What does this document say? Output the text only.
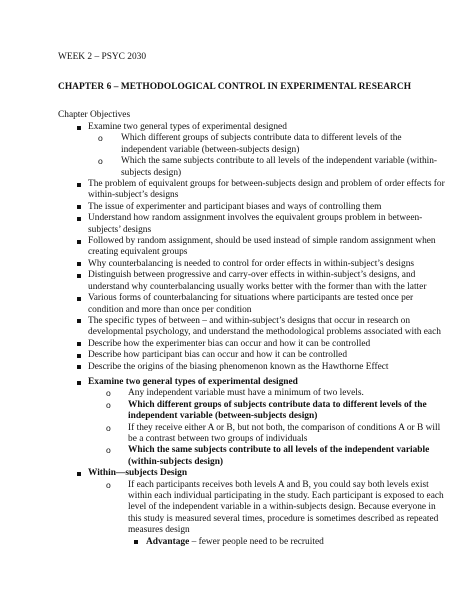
WEEK 2 – PSYC 2030
CHAPTER 6 – METHODOLOGICAL CONTROL IN EXPERIMENTAL RESEARCH
Chapter Objectives
Examine two general types of experimental designed
o Which different groups of subjects contribute data to different levels of the independent variable (between-subjects design)
o Which the same subjects contribute to all levels of the independent variable (within-subjects design)
The problem of equivalent groups for between-subjects design and problem of order effects for within-subject’s designs
The issue of experimenter and participant biases and ways of controlling them
Understand how random assignment involves the equivalent groups problem in between-subjects’ designs
Followed by random assignment, should be used instead of simple random assignment when creating equivalent groups
Why counterbalancing is needed to control for order effects in within-subject’s designs
Distinguish between progressive and carry-over effects in within-subject’s designs, and understand why counterbalancing usually works better with the former than with the latter
Various forms of counterbalancing for situations where participants are tested once per condition and more than once per condition
The specific types of between – and within-subject’s designs that occur in research on developmental psychology, and understand the methodological problems associated with each
Describe how the experimenter bias can occur and how it can be controlled
Describe how participant bias can occur and how it can be controlled
Describe the origins of the biasing phenomenon known as the Hawthorne Effect
Examine two general types of experimental designed
o Any independent variable must have a minimum of two levels.
o Which different groups of subjects contribute data to different levels of the independent variable (between-subjects design)
o If they receive either A or B, but not both, the comparison of conditions A or B will be a contrast between two groups of individuals
o Which the same subjects contribute to all levels of the independent variable (within-subjects design)
Within—subjects Design
o If each participants receives both levels A and B, you could say both levels exist within each individual participating in the study. Each participant is exposed to each level of the independent variable in a within-subjects design. Because everyone in this study is measured several times, procedure is sometimes described as repeated measures design
Advantage – fewer people need to be recruited
